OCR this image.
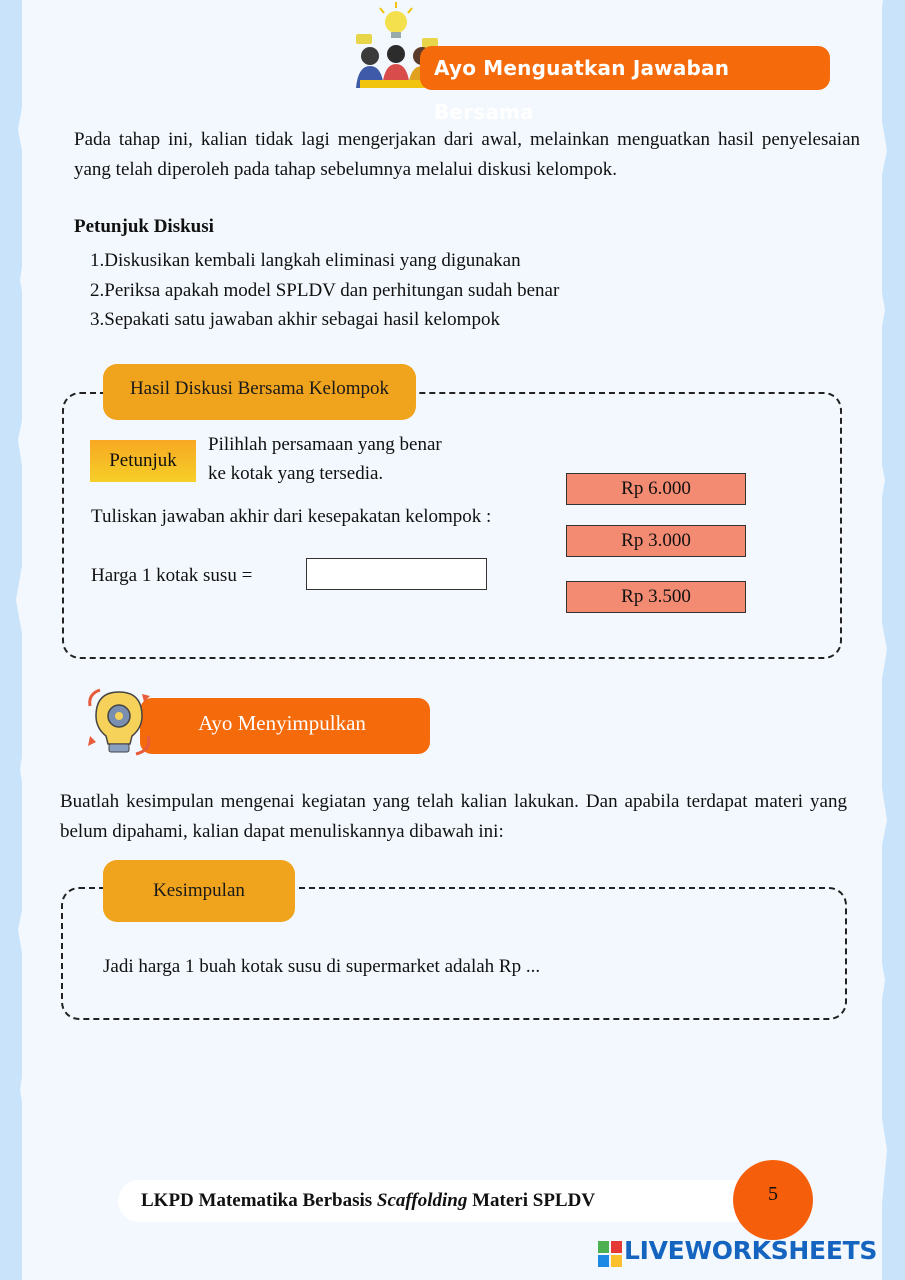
Ayo Menguatkan Jawaban Bersama
Pada tahap ini, kalian tidak lagi mengerjakan dari awal, melainkan menguatkan hasil penyelesaian yang telah diperoleh pada tahap sebelumnya melalui diskusi kelompok.
Petunjuk Diskusi
1.Diskusikan kembali langkah eliminasi yang digunakan
2.Periksa apakah model SPLDV dan perhitungan sudah benar
3.Sepakati satu jawaban akhir sebagai hasil kelompok
Hasil Diskusi Bersama Kelompok
Petunjuk
Pilihlah persamaan yang benar
ke kotak yang tersedia.
Tuliskan jawaban akhir dari kesepakatan kelompok :
Harga 1 kotak susu =
Rp 6.000
Rp 3.000
Rp 3.500
Ayo Menyimpulkan
Buatlah kesimpulan mengenai kegiatan yang telah kalian lakukan. Dan apabila terdapat materi yang belum dipahami, kalian dapat menuliskannya dibawah ini:
Kesimpulan
Jadi harga 1 buah kotak susu di supermarket adalah Rp ...
LKPD Matematika Berbasis Scaffolding Materi SPLDV	5
LIVEWORKSHEETS
